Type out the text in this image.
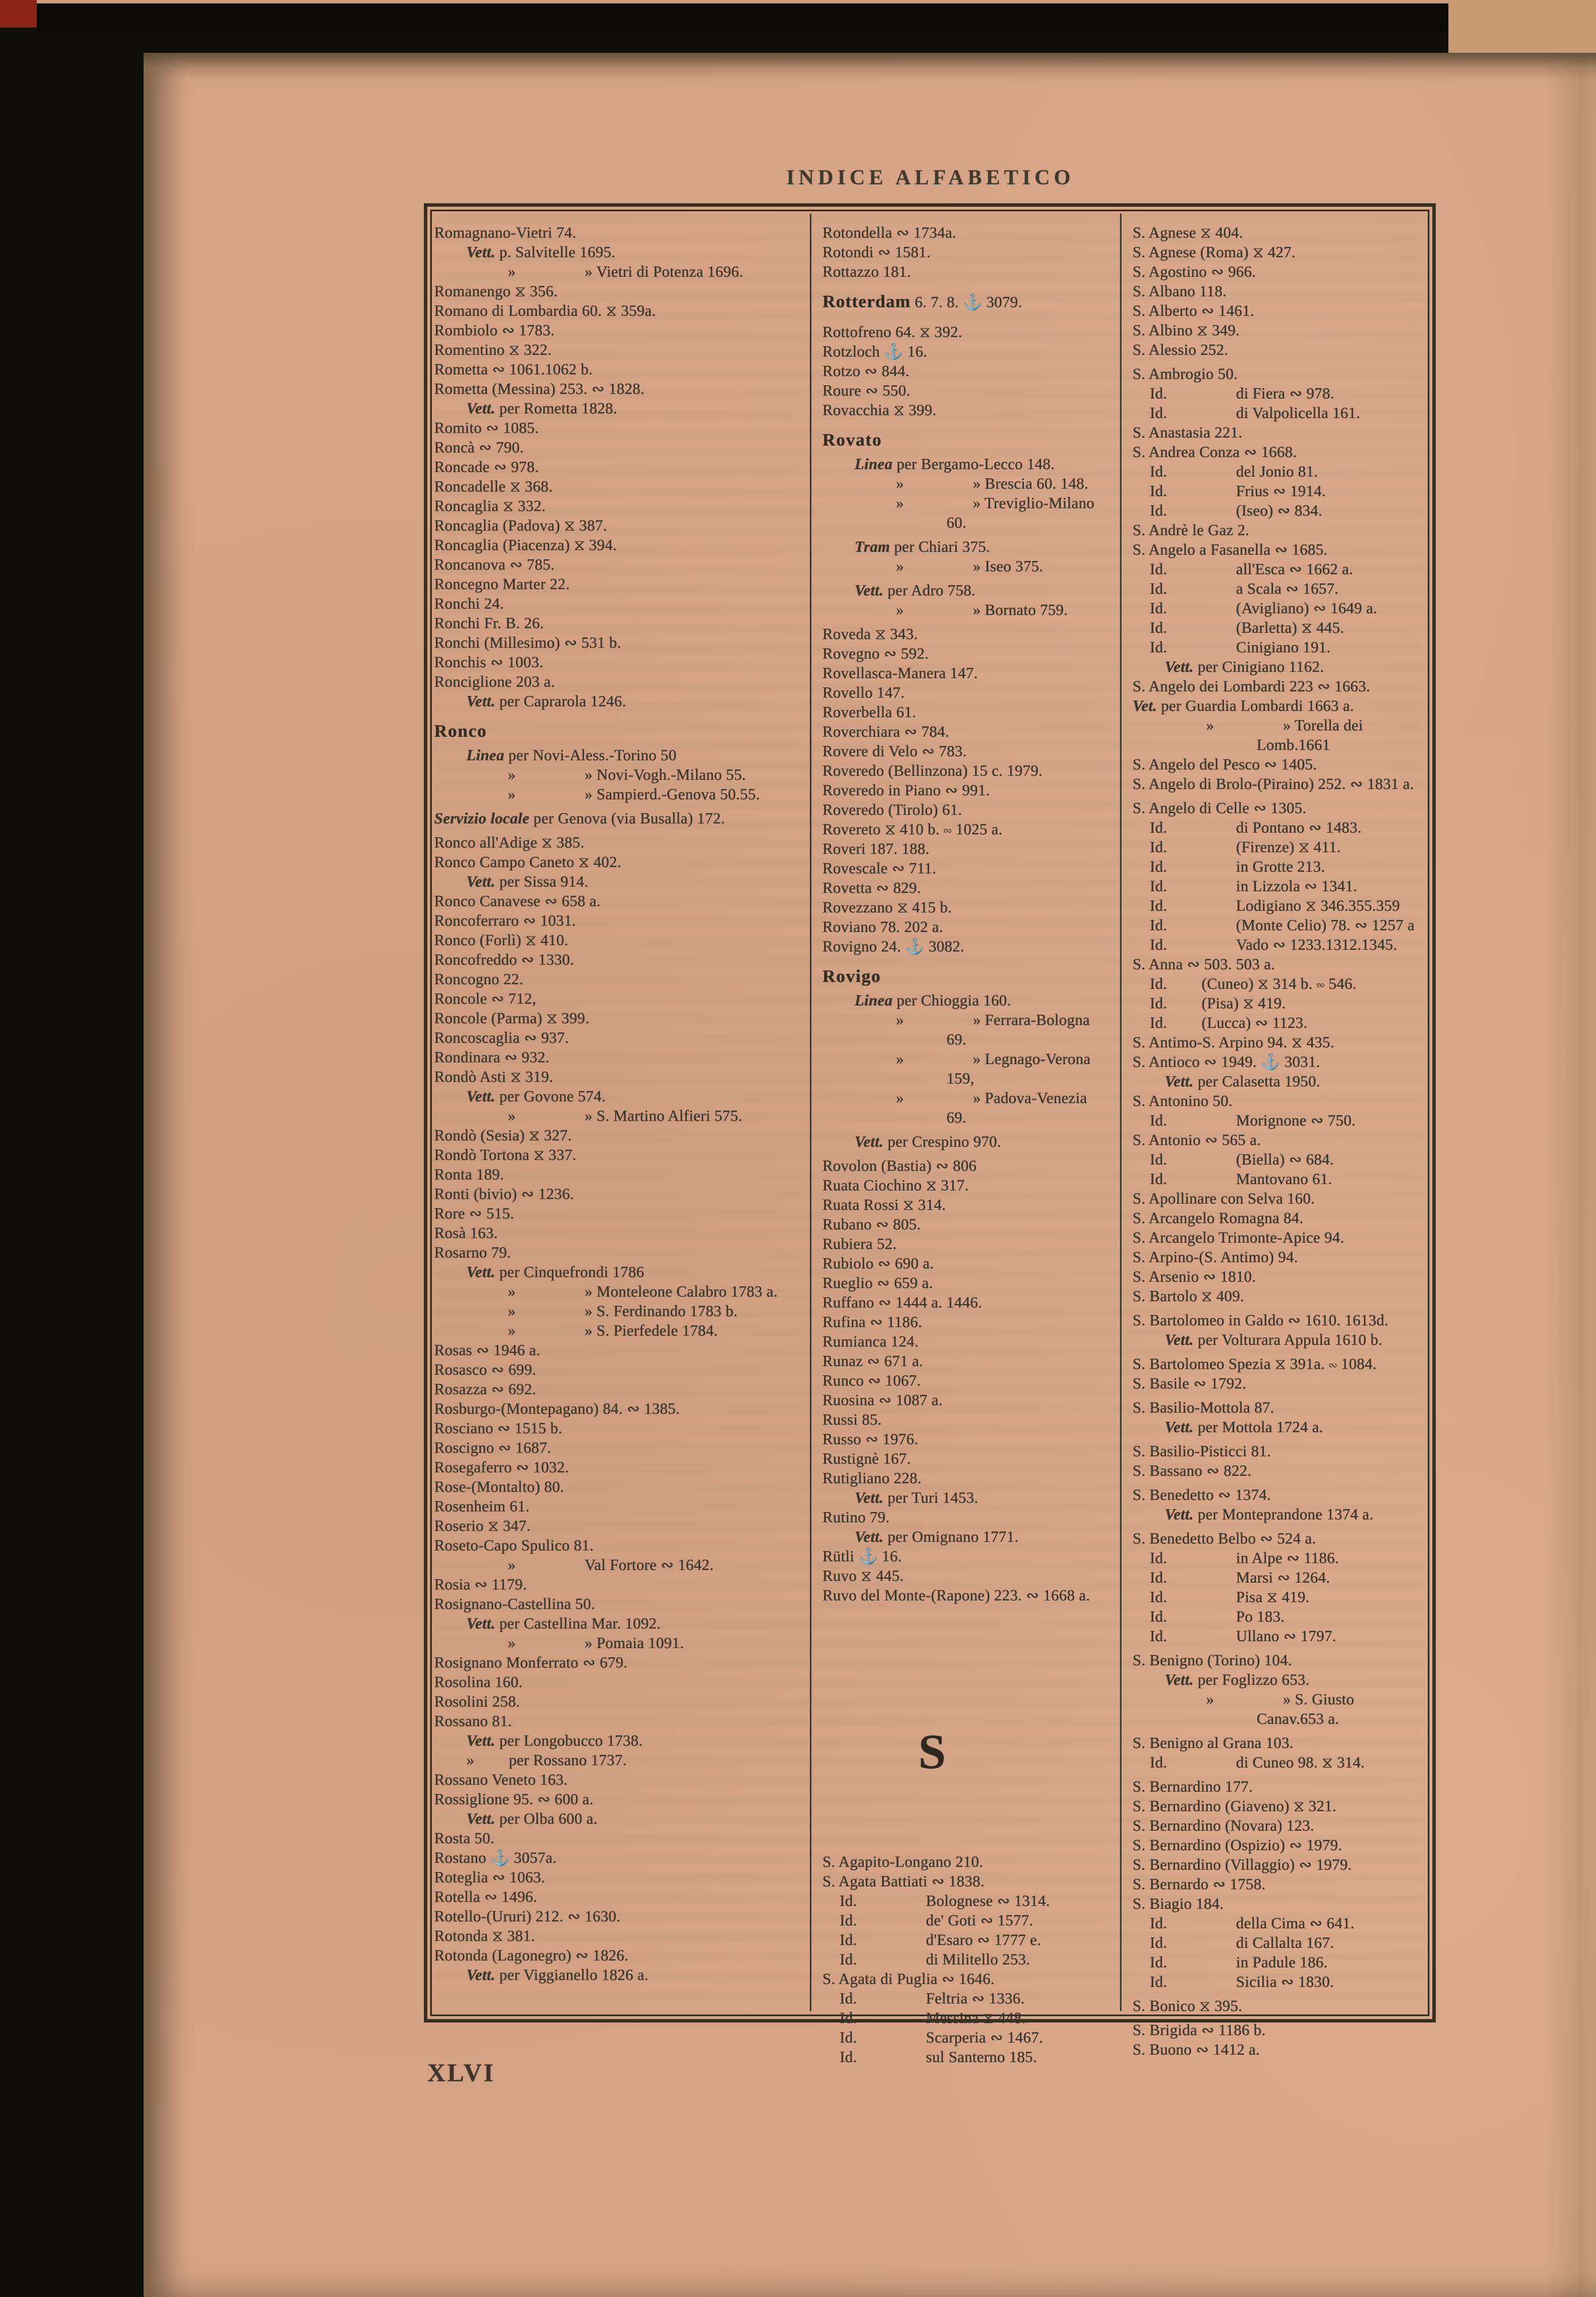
INDICE ALFABETICO
Romagnano-Vietri 74.
Vett. p. Salvitelle 1695.
»	» Vietri di Potenza 1696.
Romanengo ⧖ 356.
Romano di Lombardia 60. ⧖ 359a.
Rombiolo ∾ 1783.
Romentino ⧖ 322.
Rometta ∾ 1061.1062 b.
Rometta (Messina) 253. ∾ 1828.
Vett. per Rometta 1828.
Romito ∾ 1085.
Roncà ∾ 790.
Roncade ∾ 978.
Roncadelle ⧖ 368.
Roncaglia ⧖ 332.
Roncaglia (Padova) ⧖ 387.
Roncaglia (Piacenza) ⧖ 394.
Roncanova ∾ 785.
Roncegno Marter 22.
Ronchi 24.
Ronchi Fr. B. 26.
Ronchi (Millesimo) ∾ 531 b.
Ronchis ∾ 1003.
Ronciglione 203 a.
Vett. per Caprarola 1246.
Ronco
Linea per Novi-Aless.-Torino 50
»	» Novi-Vogh.-Milano 55.
»	» Sampierd.-Genova 50.55.
Servizio locale per Genova (via Busalla) 172.
Ronco all'Adige ⧖ 385.
Ronco Campo Caneto ⧖ 402.
Vett. per Sissa 914.
Ronco Canavese ∾ 658 a.
Roncoferraro ∾ 1031.
Ronco (Forlì) ⧖ 410.
Roncofreddo ∾ 1330.
Roncogno 22.
Roncole ∾ 712,
Roncole (Parma) ⧖ 399.
Roncoscaglia ∾ 937.
Rondinara ∾ 932.
Rondò Asti ⧖ 319.
Vett. per Govone 574.
»	» S. Martino Alfieri 575.
Rondò (Sesia) ⧖ 327.
Rondò Tortona ⧖ 337.
Ronta 189.
Ronti (bivio) ∾ 1236.
Rore ∾ 515.
Rosà 163.
Rosarno 79.
Vett. per Cinquefrondi 1786
»	» Monteleone Calabro 1783 a.
»	» S. Ferdinando 1783 b.
»	» S. Pierfedele 1784.
Rosas ∾ 1946 a.
Rosasco ∾ 699.
Rosazza ∾ 692.
Rosburgo-(Montepagano) 84. ∾ 1385.
Rosciano ∾ 1515 b.
Roscigno ∾ 1687.
Rosegaferro ∾ 1032.
Rose-(Montalto) 80.
Rosenheim 61.
Roserio ⧖ 347.
Roseto-Capo Spulico 81.
»	Val Fortore ∾ 1642.
Rosia ∾ 1179.
Rosignano-Castellina 50.
Vett. per Castellina Mar. 1092.
»	» Pomaia 1091.
Rosignano Monferrato ∾ 679.
Rosolina 160.
Rosolini 258.
Rossano 81.
Vett. per Longobucco 1738.
» per Rossano 1737.
Rossano Veneto 163.
Rossiglione 95. ∾ 600 a.
Vett. per Olba 600 a.
Rosta 50.
Rostano ⚓ 3057a.
Roteglia ∾ 1063.
Rotella ∾ 1496.
Rotello-(Ururi) 212. ∾ 1630.
Rotonda ⧖ 381.
Rotonda (Lagonegro) ∾ 1826.
Vett. per Viggianello 1826 a.
Rotondella ∾ 1734a.
Rotondi ∾ 1581.
Rottazzo 181.
Rotterdam 6. 7. 8. ⚓ 3079.
Rottofreno 64. ⧖ 392.
Rotzloch ⚓ 16.
Rotzo ∾ 844.
Roure ∾ 550.
Rovacchia ⧖ 399.
Rovato
Linea per Bergamo-Lecco 148.
»	» Brescia 60. 148.
»	» Treviglio-Milano 60.
Tram per Chiari 375.
»	» Iseo 375.
Vett. per Adro 758.
»	» Bornato 759.
Roveda ⧖ 343.
Rovegno ∾ 592.
Rovellasca-Manera 147.
Rovello 147.
Roverbella 61.
Roverchiara ∾ 784.
Rovere di Velo ∾ 783.
Roveredo (Bellinzona) 15 c. 1979.
Roveredo in Piano ∾ 991.
Roveredo (Tirolo) 61.
Rovereto ⧖ 410 b. ∾ 1025 a.
Roveri 187. 188.
Rovescale ∾ 711.
Rovetta ∾ 829.
Rovezzano ⧖ 415 b.
Roviano 78. 202 a.
Rovigno 24. ⚓ 3082.
Rovigo
Linea per Chioggia 160.
»	» Ferrara-Bologna 69.
»	» Legnago-Verona 159,
»	» Padova-Venezia 69.
Vett. per Crespino 970.
Rovolon (Bastia) ∾ 806
Ruata Ciochino ⧖ 317.
Ruata Rossi ⧖ 314.
Rubano ∾ 805.
Rubiera 52.
Rubiolo ∾ 690 a.
Rueglio ∾ 659 a.
Ruffano ∾ 1444 a. 1446.
Rufina ∾ 1186.
Rumianca 124.
Runaz ∾ 671 a.
Runco ∾ 1067.
Ruosina ∾ 1087 a.
Russi 85.
Russo ∾ 1976.
Rustignè 167.
Rutigliano 228.
Vett. per Turi 1453.
Rutino 79.
Vett. per Omignano 1771.
Rütli ⚓ 16.
Ruvo ⧖ 445.
Ruvo del Monte-(Rapone) 223. ∾ 1668 a.
S
S. Agapito-Longano 210.
S. Agata Battiati ∾ 1838.
Id.	Bolognese ∾ 1314.
Id.	de' Goti ∾ 1577.
Id.	d'Esaro ∾ 1777 e.
Id.	di Militello 253.
S. Agata di Puglia ∾ 1646.
Id.	Feltria ∾ 1336.
Id.	Messina ⧖ 448.
Id.	Scarperia ∾ 1467.
Id.	sul Santerno 185.
S. Agnese ⧖ 404.
S. Agnese (Roma) ⧖ 427.
S. Agostino ∾ 966.
S. Albano 118.
S. Alberto ∾ 1461.
S. Albino ⧖ 349.
S. Alessio 252.
S. Ambrogio 50.
Id.	di Fiera ∾ 978.
Id.	di Valpolicella 161.
S. Anastasia 221.
S. Andrea Conza ∾ 1668.
Id.	del Jonio 81.
Id.	Frius ∾ 1914.
Id.	(Iseo) ∾ 834.
S. Andrè le Gaz 2.
S. Angelo a Fasanella ∾ 1685.
Id.	all'Esca ∾ 1662 a.
Id.	a Scala ∾ 1657.
Id.	(Avigliano) ∾ 1649 a.
Id.	(Barletta) ⧖ 445.
Id.	Cinigiano 191.
Vett. per Cinigiano 1162.
S. Angelo dei Lombardi 223 ∾ 1663.
Vet. per Guardia Lombardi 1663 a.
»	» Torella dei Lomb.1661
S. Angelo del Pesco ∾ 1405.
S. Angelo di Brolo-(Piraino) 252. ∾ 1831 a.
S. Angelo di Celle ∾ 1305.
Id.	di Pontano ∾ 1483.
Id.	(Firenze) ⧖ 411.
Id.	in Grotte 213.
Id.	in Lizzola ∾ 1341.
Id.	Lodigiano ⧖ 346.355.359
Id.	(Monte Celio) 78. ∾ 1257 a
Id.	Vado ∾ 1233.1312.1345.
S. Anna ∾ 503. 503 a.
Id. (Cuneo) ⧖ 314 b. ∾ 546.
Id. (Pisa) ⧖ 419.
Id. (Lucca) ∾ 1123.
S. Antimo-S. Arpino 94. ⧖ 435.
S. Antioco ∾ 1949. ⚓ 3031.
Vett. per Calasetta 1950.
S. Antonino 50.
Id.	Morignone ∾ 750.
S. Antonio ∾ 565 a.
Id.	(Biella) ∾ 684.
Id.	Mantovano 61.
S. Apollinare con Selva 160.
S. Arcangelo Romagna 84.
S. Arcangelo Trimonte-Apice 94.
S. Arpino-(S. Antimo) 94.
S. Arsenio ∾ 1810.
S. Bartolo ⧖ 409.
S. Bartolomeo in Galdo ∾ 1610. 1613d.
Vett. per Volturara Appula 1610 b.
S. Bartolomeo Spezia ⧖ 391a. ∾ 1084.
S. Basile ∾ 1792.
S. Basilio-Mottola 87.
Vett. per Mottola 1724 a.
S. Basilio-Pisticci 81.
S. Bassano ∾ 822.
S. Benedetto ∾ 1374.
Vett. per Monteprandone 1374 a.
S. Benedetto Belbo ∾ 524 a.
Id.	in Alpe ∾ 1186.
Id.	Marsi ∾ 1264.
Id.	Pisa ⧖ 419.
Id.	Po 183.
Id.	Ullano ∾ 1797.
S. Benigno (Torino) 104.
Vett. per Foglizzo 653.
»	» S. Giusto Canav.653 a.
S. Benigno al Grana 103.
Id.	di Cuneo 98. ⧖ 314.
S. Bernardino 177.
S. Bernardino (Giaveno) ⧖ 321.
S. Bernardino (Novara) 123.
S. Bernardino (Ospizio) ∾ 1979.
S. Bernardino (Villaggio) ∾ 1979.
S. Bernardo ∾ 1758.
S. Biagio 184.
Id.	della Cima ∾ 641.
Id.	di Callalta 167.
Id.	in Padule 186.
Id.	Sicilia ∾ 1830.
S. Bonico ⧖ 395.
S. Brigida ∾ 1186 b.
S. Buono ∾ 1412 a.
XLVI
